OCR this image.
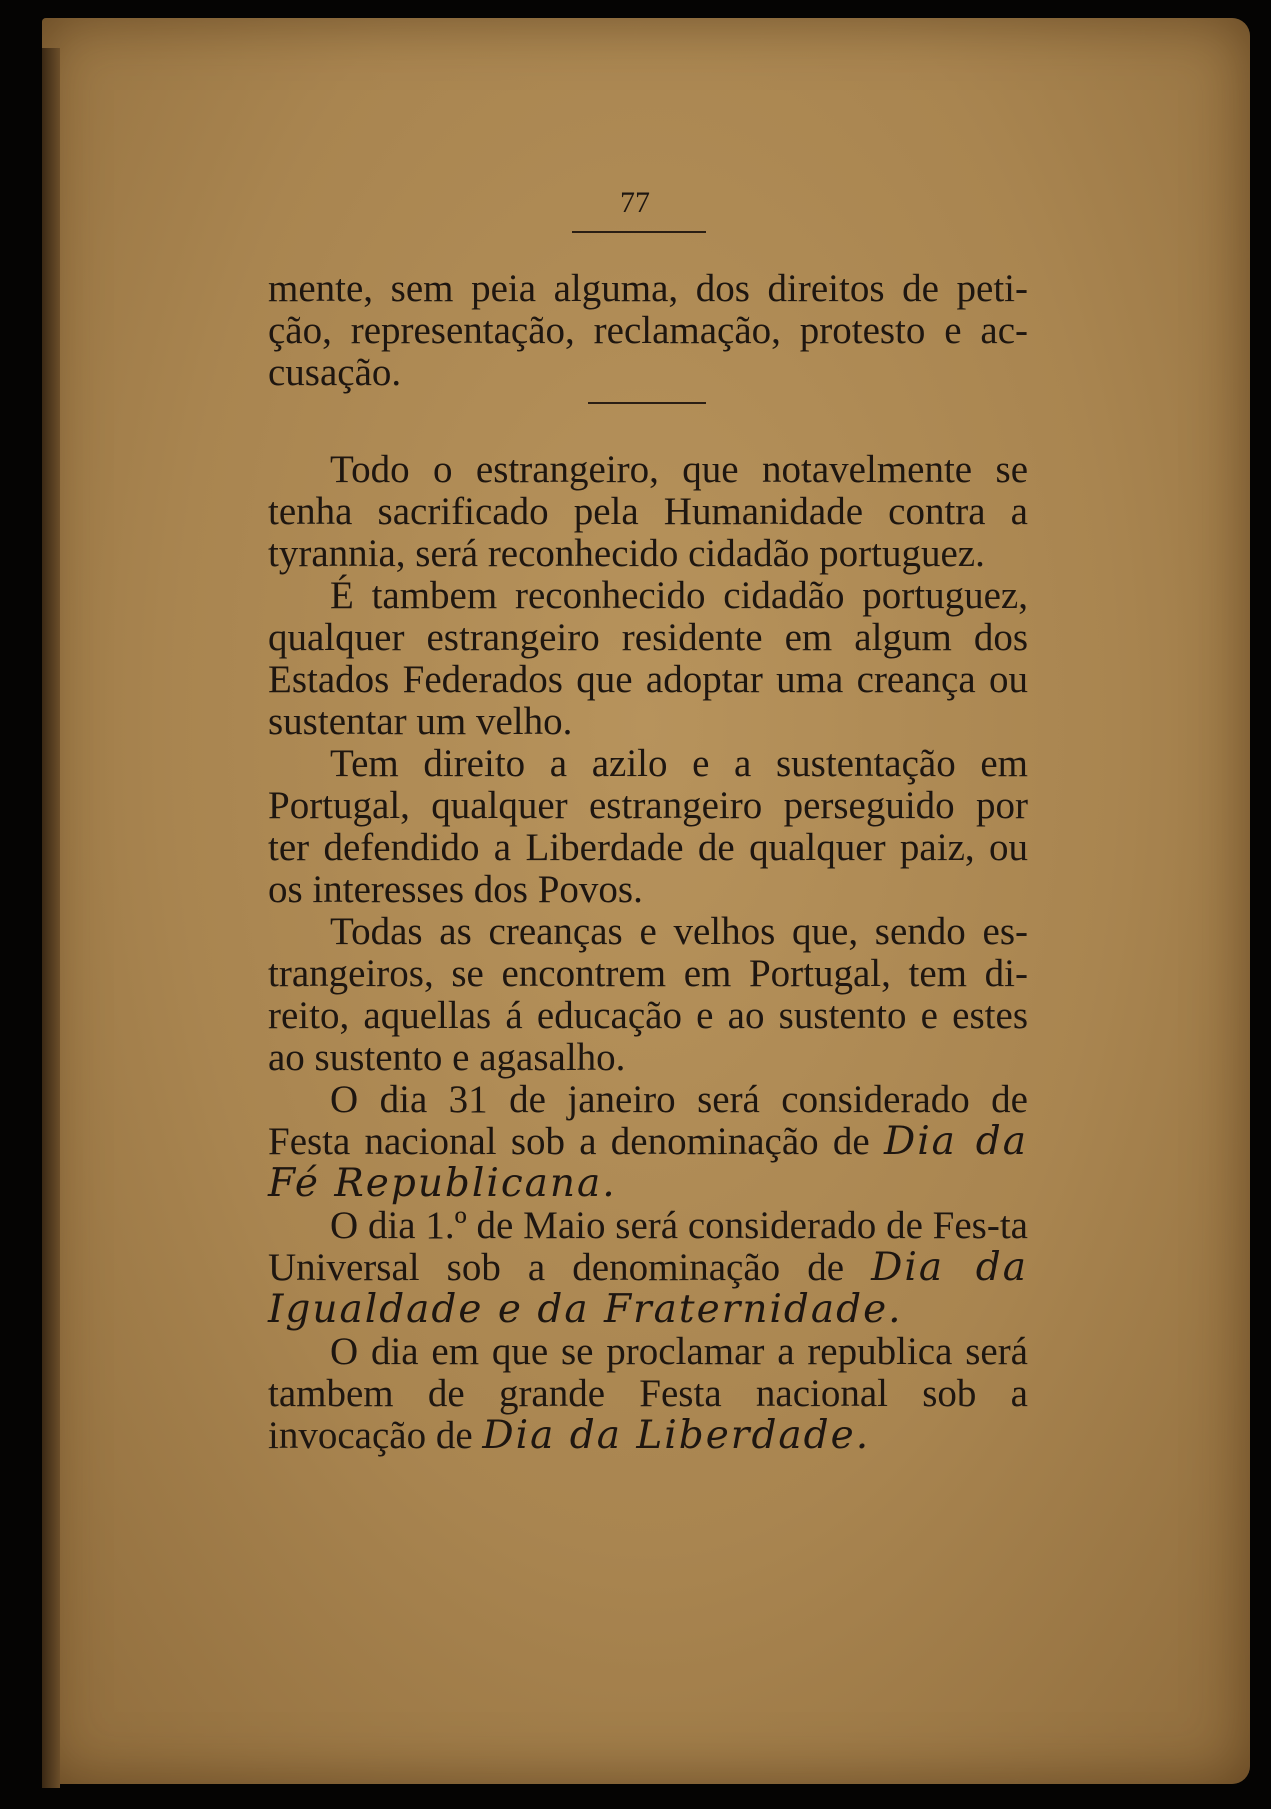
77

mente, sem peia alguma, dos direitos de peti-ção, representação, reclamação, protesto e ac-cusação.

Todo o estrangeiro, que notavelmente se tenha sacrificado pela Humanidade contra a tyrannia, será reconhecido cidadão portuguez.

É tambem reconhecido cidadão portuguez, qualquer estrangeiro residente em algum dos Estados Federados que adoptar uma creança ou sustentar um velho.

Tem direito a azilo e a sustentação em Portugal, qualquer estrangeiro perseguido por ter defendido a Liberdade de qualquer paiz, ou os interesses dos Povos.

Todas as creanças e velhos que, sendo es-trangeiros, se encontrem em Portugal, tem di-reito, aquellas á educação e ao sustento e estes ao sustento e agasalho.

O dia 31 de janeiro será considerado de Festa nacional sob a denominação de Dia da Fé Republicana.

O dia 1.º de Maio será considerado de Fes-ta Universal sob a denominação de Dia da Igualdade e da Fraternidade.

O dia em que se proclamar a republica será tambem de grande Festa nacional sob a invocação de Dia da Liberdade.
